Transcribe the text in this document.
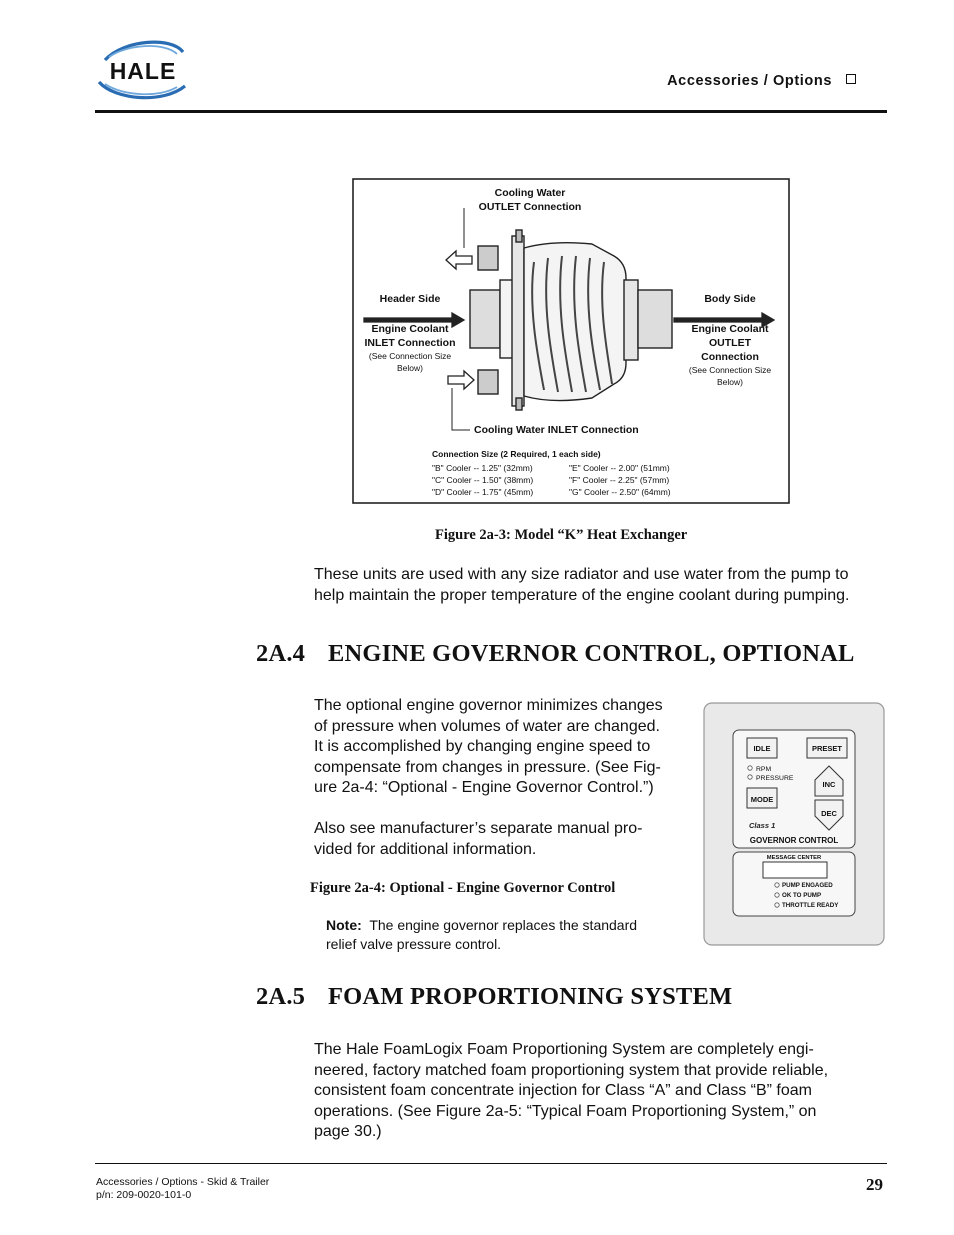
HALE	Accessories / Options
Cooling Water
OUTLET Connection
Header Side
Engine Coolant
INLET Connection
(See Connection Size
Below)
Body Side
Engine Coolant
OUTLET
Connection
(See Connection Size
Below)
Cooling Water INLET Connection
Connection Size (2 Required, 1 each side)
"B" Cooler -- 1.25" (32mm)
"C" Cooler -- 1.50" (38mm)
"D" Cooler -- 1.75" (45mm)
"E" Cooler -- 2.00" (51mm)
"F" Cooler -- 2.25" (57mm)
"G" Cooler -- 2.50" (64mm)
Figure 2a-3: Model “K” Heat Exchanger
These units are used with any size radiator and use water from the pump to
help maintain the proper temperature of the engine coolant during pumping.
2A.4 ENGINE GOVERNOR CONTROL, OPTIONAL
The optional engine governor minimizes changes
of pressure when volumes of water are changed.
It is accomplished by changing engine speed to
compensate from changes in pressure. (See Fig-
ure 2a-4: “Optional - Engine Governor Control.”)
Also see manufacturer’s separate manual pro-
vided for additional information.
Figure 2a-4: Optional - Engine Governor Control
Note: The engine governor replaces the standard
relief valve pressure control.
IDLE	PRESET
RPM
PRESSURE
INC
MODE
DEC
Class 1
GOVERNOR CONTROL
MESSAGE CENTER
PUMP ENGAGED
OK TO PUMP
THROTTLE READY
2A.5 FOAM PROPORTIONING SYSTEM
The Hale FoamLogix Foam Proportioning System are completely engi-
neered, factory matched foam proportioning system that provide reliable,
consistent foam concentrate injection for Class “A” and Class “B” foam
operations. (See Figure 2a-5: “Typical Foam Proportioning System,” on
page 30.)
Accessories / Options - Skid & Trailer
p/n: 209-0020-101-0
29
